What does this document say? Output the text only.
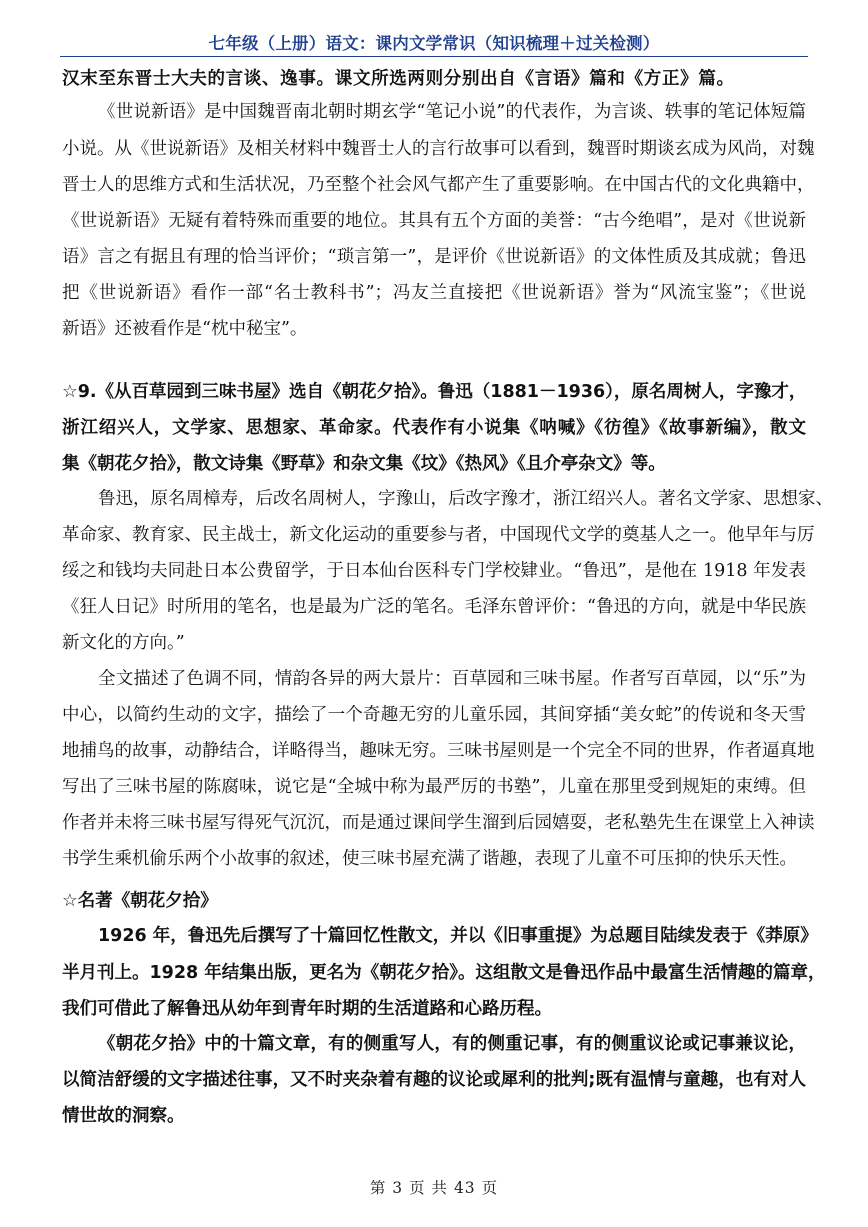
七年级（上册）语文：课内文学常识（知识梳理＋过关检测）
汉末至东晋士大夫的言谈、逸事。课文所选两则分别出自《言语》篇和《方正》篇。
《世说新语》是中国魏晋南北朝时期玄学“笔记小说”的代表作，为言谈、轶事的笔记体短篇
小说。从《世说新语》及相关材料中魏晋士人的言行故事可以看到，魏晋时期谈玄成为风尚，对魏
晋士人的思维方式和生活状况，乃至整个社会风气都产生了重要影响。在中国古代的文化典籍中，
《世说新语》无疑有着特殊而重要的地位。其具有五个方面的美誉：“古今绝唱”，是对《世说新
语》言之有据且有理的恰当评价；“琐言第一”，是评价《世说新语》的文体性质及其成就；鲁迅
把《世说新语》看作一部“名士教科书”；冯友兰直接把《世说新语》誉为“风流宝鉴”；《世说
新语》还被看作是“枕中秘宝”。
☆9.《从百草园到三味书屋》选自《朝花夕拾》。鲁迅（1881－1936），原名周树人，字豫才，
浙江绍兴人，文学家、思想家、革命家。代表作有小说集《呐喊》《彷徨》《故事新编》，散文
集《朝花夕拾》，散文诗集《野草》和杂文集《坟》《热风》《且介亭杂文》等。
鲁迅，原名周樟寿，后改名周树人，字豫山，后改字豫才，浙江绍兴人。著名文学家、思想家、
革命家、教育家、民主战士，新文化运动的重要参与者，中国现代文学的奠基人之一。他早年与厉
绥之和钱均夫同赴日本公费留学，于日本仙台医科专门学校肄业。“鲁迅”，是他在 1918 年发表
《狂人日记》时所用的笔名，也是最为广泛的笔名。毛泽东曾评价：“鲁迅的方向，就是中华民族
新文化的方向。”
全文描述了色调不同，情韵各异的两大景片：百草园和三味书屋。作者写百草园，以“乐”为
中心，以简约生动的文字，描绘了一个奇趣无穷的儿童乐园，其间穿插“美女蛇”的传说和冬天雪
地捕鸟的故事，动静结合，详略得当，趣味无穷。三味书屋则是一个完全不同的世界，作者逼真地
写出了三味书屋的陈腐味，说它是“全城中称为最严厉的书塾”，儿童在那里受到规矩的束缚。但
作者并未将三味书屋写得死气沉沉，而是通过课间学生溜到后园嬉耍，老私塾先生在课堂上入神读
书学生乘机偷乐两个小故事的叙述，使三味书屋充满了谐趣，表现了儿童不可压抑的快乐天性。
☆名著《朝花夕拾》
1926 年，鲁迅先后撰写了十篇回忆性散文，并以《旧事重提》为总题目陆续发表于《莽原》
半月刊上。1928 年结集出版，更名为《朝花夕拾》。这组散文是鲁迅作品中最富生活情趣的篇章，
我们可借此了解鲁迅从幼年到青年时期的生活道路和心路历程。
《朝花夕拾》中的十篇文章，有的侧重写人，有的侧重记事，有的侧重议论或记事兼议论，
以简洁舒缓的文字描述往事，又不时夹杂着有趣的议论或犀利的批判;既有温情与童趣，也有对人
情世故的洞察。
第 3 页 共 43 页
